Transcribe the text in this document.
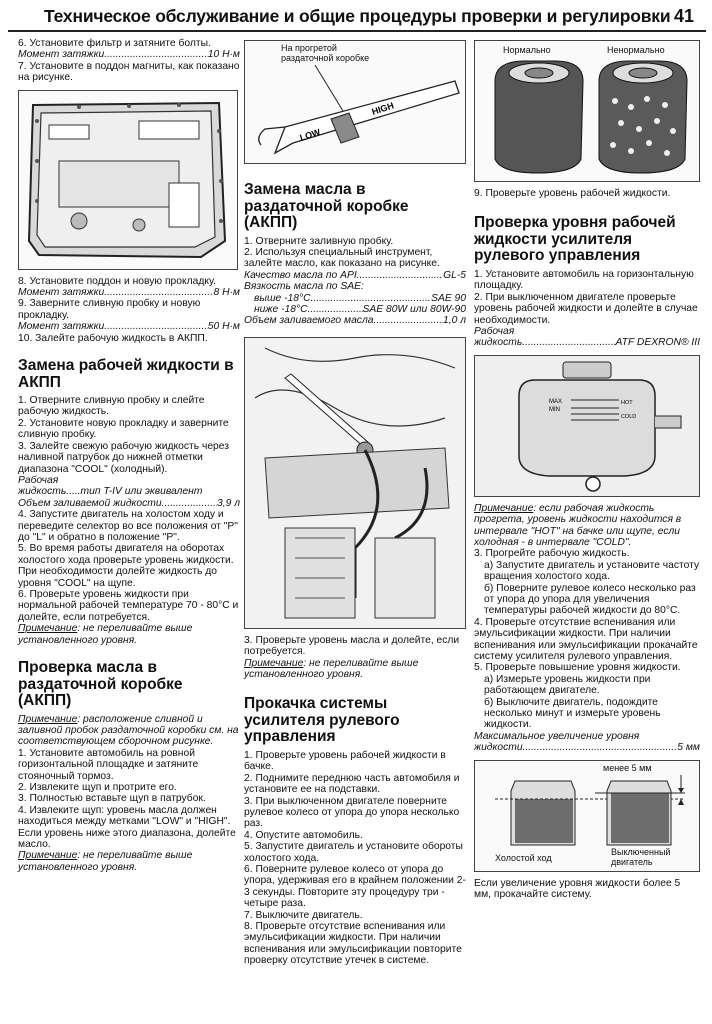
Техническое обслуживание и общие процедуры проверки и регулировки 41

6. Установите фильтр и затяните болты.

Момент затяжки .....	10 Н·м

7. Установите в поддон магниты, как показано на рисунке.

8. Установите поддон и новую прокладку.

Момент затяжки .....	8 Н·м

9. Заверните сливную пробку и новую прокладку.

Момент затяжки .....	50 Н·м

10. Залейте рабочую жидкость в АКПП.

Замена рабочей жидкости в АКПП

1. Отверните сливную пробку и слейте рабочую жидкость.

2. Установите новую прокладку и заверните сливную пробку.

3. Залейте свежую рабочую жидкость через наливной патрубок до нижней отметки диапазона "COOL" (холодный).

Рабочая

жидкость..... тип T-IV или эквивалент
Объем заливаемой жидкости .....	3,9 л

4. Запустите двигатель на холостом ходу и переведите селектор во все положения от "P" до "L" и обратно в положение "P".

5. Во время работы двигателя на оборотах холостого хода проверьте уровень жидкости. При необходимости долейте жидкость до уровня "COOL" на щупе.

6. Проверьте уровень жидкости при нормальной рабочей температуре 70 - 80°C и долейте, если потребуется.

Примечание: не переливайте выше установленного уровня.

Проверка масла в раздаточной коробке (АКПП)

Примечание: расположение сливной и заливной пробок раздаточной коробки см. на соответствующем сборочном рисунке.

1. Установите автомобиль на ровной горизонтальной площадке и затяните стояночный тормоз.

2. Извлеките щуп и протрите его.

3. Полностью вставьте щуп в патрубок.

4. Извлеките щуп: уровень масла должен находиться между метками "LOW" и "HIGH".

Если уровень ниже этого диапазона, долейте масло.

Примечание: не переливайте выше установленного уровня.

На прогретой раздаточной коробке
LOW
HIGH
Замена масла в раздаточной коробке (АКПП)

1. Отверните заливную пробку.

2. Используя специальный инструмент, залейте масло, как показано на рисунке.

Качество масла по API .....	GL-5

Вязкость масла по SAE:

выше -18°C .....	SAE 90
ниже -18°C .....	SAE 80W или 80W-90
Объем заливаемого масла .....	1,0 л

3. Проверьте уровень масла и долейте, если потребуется.

Примечание: не переливайте выше установленного уровня.

Прокачка системы усилителя рулевого управления

1. Проверьте уровень рабочей жидкости в бачке.

2. Поднимите переднюю часть автомобиля и установите ее на подставки.

3. При выключенном двигателе поверните рулевое колесо от упора до упора несколько раз.

4. Опустите автомобиль.

5. Запустите двигатель и установите обороты холостого хода.

6. Поверните рулевое колесо от упора до упора, удерживая его в крайнем положении 2-3 секунды. Повторите эту процедуру три - четыре раза.

7. Выключите двигатель.

8. Проверьте отсутствие вспенивания или эмульсификации жидкости. При наличии вспенивания или эмульсификации повторите проверку отсутствие утечек в системе.

Нормально	Ненормально

9. Проверьте уровень рабочей жидкости.

Проверка уровня рабочей жидкости усилителя рулевого управления

1. Установите автомобиль на горизонтальную площадку.

2. При выключенном двигателе проверьте уровень рабочей жидкости и долейте в случае необходимости.

Рабочая

жидкость .....	ATF DEXRON® III
MAX
MIN
HOT
COLD

Примечание: если рабочая жидкость прогрета, уровень жидкости находится в интервале "HOT" на бачке или щупе, если холодная - в интервале "COLD".

3. Прогрейте рабочую жидкость.

а) Запустите двигатель и установите частоту вращения холостого хода.

б) Поверните рулевое колесо несколько раз от упора до упора для увеличения температуры рабочей жидкости до 80°C.

4. Проверьте отсутствие вспенивания или эмульсификации жидкости. При наличии вспенивания или эмульсификации прокачайте систему усилителя рулевого управления.

5. Проверьте повышение уровня жидкости.

а) Измерьте уровень жидкости при работающем двигателе.

б) Выключите двигатель, подождите несколько минут и измерьте уровень жидкости.

Максимальное увеличение уровня

жидкости .....	5 мм
менее 5 мм
Холостой ход
Выключенный двигатель

Если увеличение уровня жидкости более 5 мм, прокачайте систему.
